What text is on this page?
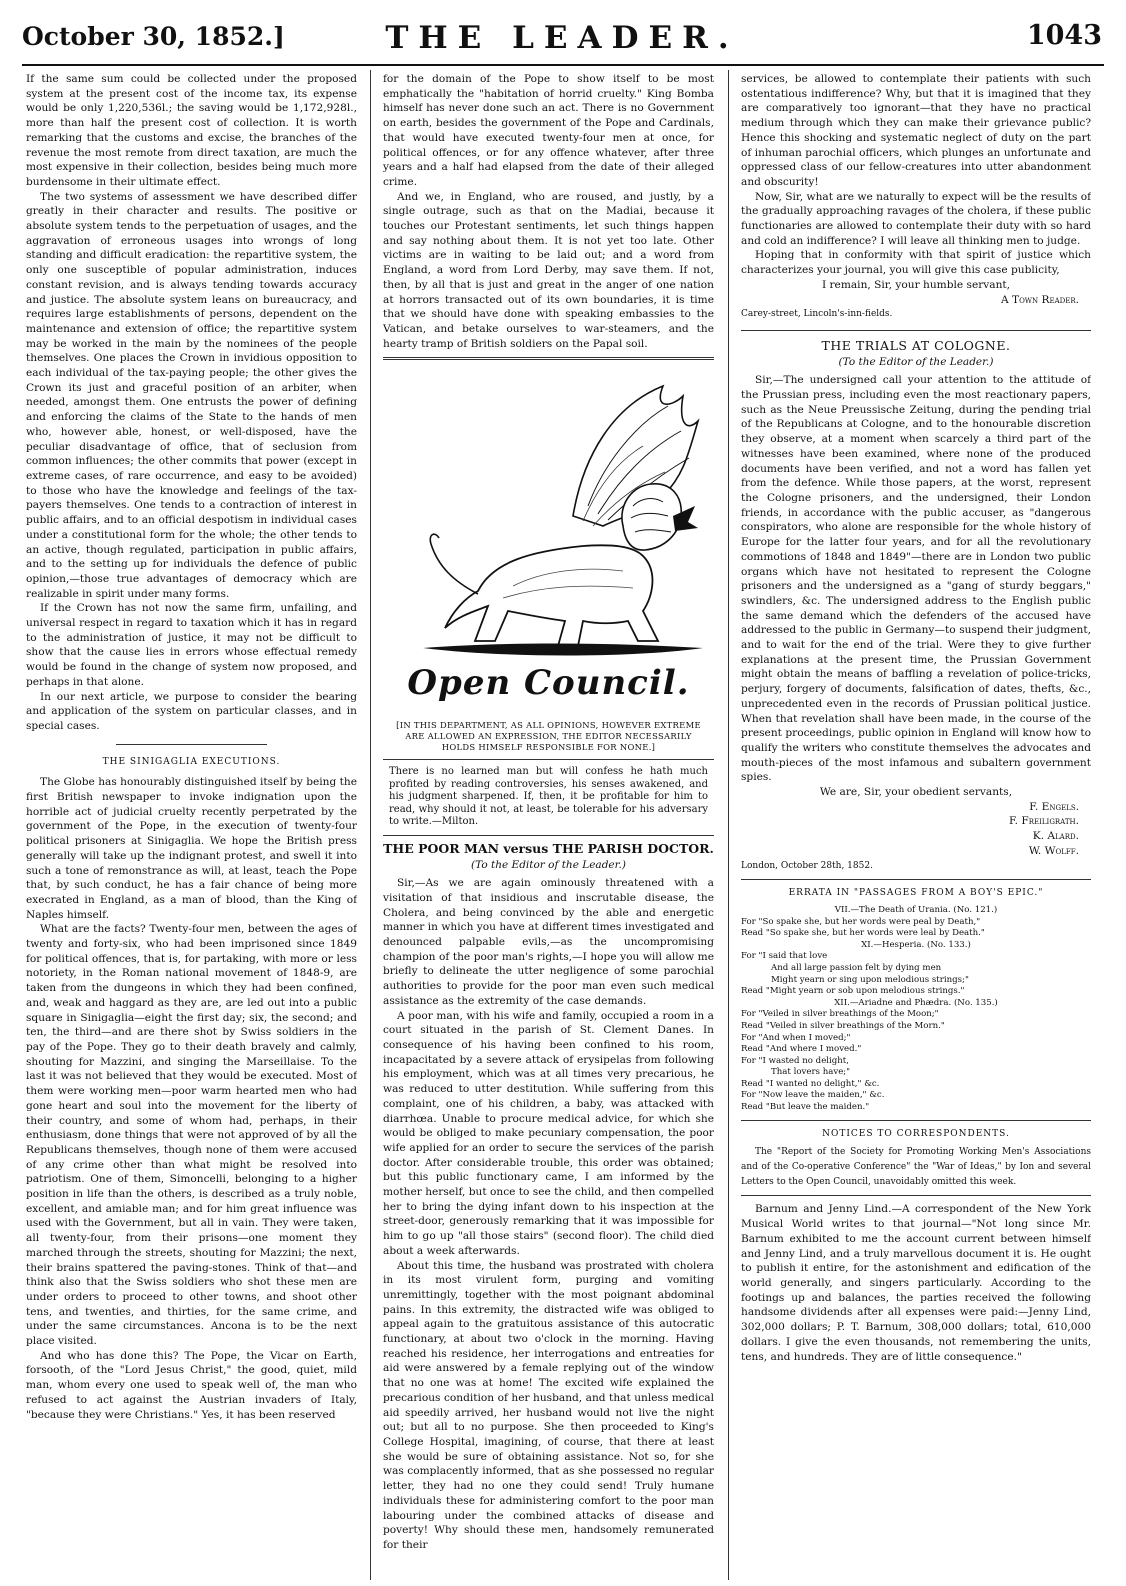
October 30, 1852.]	THE LEADER.	1043

If the same sum could be collected under the proposed system at the present cost of the income tax, its expense would be only 1,220,536l.; the saving would be 1,172,928l., more than half the present cost of collection. It is worth remarking that the customs and excise, the branches of the revenue the most remote from direct taxation, are much the most expensive in their collection, besides being much more burdensome in their ultimate effect.

The two systems of assessment we have described differ greatly in their character and results. The positive or absolute system tends to the perpetuation of usages, and the aggravation of erroneous usages into wrongs of long standing and difficult eradication: the repartitive system, the only one susceptible of popular administration, induces constant revision, and is always tending towards accuracy and justice. The absolute system leans on bureaucracy, and requires large establishments of persons, dependent on the maintenance and extension of office; the repartitive system may be worked in the main by the nominees of the people themselves. One places the Crown in invidious opposition to each individual of the tax-paying people; the other gives the Crown its just and graceful position of an arbiter, when needed, amongst them. One entrusts the power of defining and enforcing the claims of the State to the hands of men who, however able, honest, or well-disposed, have the peculiar disadvantage of office, that of seclusion from common influences; the other commits that power (except in extreme cases, of rare occurrence, and easy to be avoided) to those who have the knowledge and feelings of the tax-payers themselves. One tends to a contraction of interest in public affairs, and to an official despotism in individual cases under a constitutional form for the whole; the other tends to an active, though regulated, participation in public affairs, and to the setting up for individuals the defence of public opinion,—those true advantages of democracy which are realizable in spirit under many forms.

If the Crown has not now the same firm, unfailing, and universal respect in regard to taxation which it has in regard to the administration of justice, it may not be difficult to show that the cause lies in errors whose effectual remedy would be found in the change of system now proposed, and perhaps in that alone.

In our next article, we purpose to consider the bearing and application of the system on particular classes, and in special cases.

THE SINIGAGLIA EXECUTIONS.

The Globe has honourably distinguished itself by being the first British newspaper to invoke indignation upon the horrible act of judicial cruelty recently perpetrated by the government of the Pope, in the execution of twenty-four political prisoners at Sinigaglia. We hope the British press generally will take up the indignant protest, and swell it into such a tone of remonstrance as will, at least, teach the Pope that, by such conduct, he has a fair chance of being more execrated in England, as a man of blood, than the King of Naples himself.

What are the facts? Twenty-four men, between the ages of twenty and forty-six, who had been imprisoned since 1849 for political offences, that is, for partaking, with more or less notoriety, in the Roman national movement of 1848-9, are taken from the dungeons in which they had been confined, and, weak and haggard as they are, are led out into a public square in Sinigaglia—eight the first day; six, the second; and ten, the third—and are there shot by Swiss soldiers in the pay of the Pope. They go to their death bravely and calmly, shouting for Mazzini, and singing the Marseillaise. To the last it was not believed that they would be executed. Most of them were working men—poor warm hearted men who had gone heart and soul into the movement for the liberty of their country, and some of whom had, perhaps, in their enthusiasm, done things that were not approved of by all the Republicans themselves, though none of them were accused of any crime other than what might be resolved into patriotism. One of them, Simoncelli, belonging to a higher position in life than the others, is described as a truly noble, excellent, and amiable man; and for him great influence was used with the Government, but all in vain. They were taken, all twenty-four, from their prisons—one moment they marched through the streets, shouting for Mazzini; the next, their brains spattered the paving-stones. Think of that—and think also that the Swiss soldiers who shot these men are under orders to proceed to other towns, and shoot other tens, and twenties, and thirties, for the same crime, and under the same circumstances. Ancona is to be the next place visited.

And who has done this? The Pope, the Vicar on Earth, forsooth, of the "Lord Jesus Christ," the good, quiet, mild man, whom every one used to speak well of, the man who refused to act against the Austrian invaders of Italy, "because they were Christians." Yes, it has been reserved

for the domain of the Pope to show itself to be most emphatically the "habitation of horrid cruelty." King Bomba himself has never done such an act. There is no Government on earth, besides the government of the Pope and Cardinals, that would have executed twenty-four men at once, for political offences, or for any offence whatever, after three years and a half had elapsed from the date of their alleged crime.

And we, in England, who are roused, and justly, by a single outrage, such as that on the Madiai, because it touches our Protestant sentiments, let such things happen and say nothing about them. It is not yet too late. Other victims are in waiting to be laid out; and a word from England, a word from Lord Derby, may save them. If not, then, by all that is just and great in the anger of one nation at horrors transacted out of its own boundaries, it is time that we should have done with speaking embassies to the Vatican, and betake ourselves to war-steamers, and the hearty tramp of British soldiers on the Papal soil.

Open Council.
[IN THIS DEPARTMENT, AS ALL OPINIONS, HOWEVER EXTREME ARE ALLOWED AN EXPRESSION, THE EDITOR NECESSARILY HOLDS HIMSELF RESPONSIBLE FOR NONE.]

There is no learned man but will confess he hath much profited by reading controversies, his senses awakened, and his judgment sharpened. If, then, it be profitable for him to read, why should it not, at least, be tolerable for his adversary to write.—Milton.

THE POOR MAN versus THE PARISH DOCTOR.
(To the Editor of the Leader.)

Sir,—As we are again ominously threatened with a visitation of that insidious and inscrutable disease, the Cholera, and being convinced by the able and energetic manner in which you have at different times investigated and denounced palpable evils,—as the uncompromising champion of the poor man's rights,—I hope you will allow me briefly to delineate the utter negligence of some parochial authorities to provide for the poor man even such medical assistance as the extremity of the case demands.

A poor man, with his wife and family, occupied a room in a court situated in the parish of St. Clement Danes. In consequence of his having been confined to his room, incapacitated by a severe attack of erysipelas from following his employment, which was at all times very precarious, he was reduced to utter destitution. While suffering from this complaint, one of his children, a baby, was attacked with diarrhœa. Unable to procure medical advice, for which she would be obliged to make pecuniary compensation, the poor wife applied for an order to secure the services of the parish doctor. After considerable trouble, this order was obtained; but this public functionary came, I am informed by the mother herself, but once to see the child, and then compelled her to bring the dying infant down to his inspection at the street-door, generously remarking that it was impossible for him to go up "all those stairs" (second floor). The child died about a week afterwards.

About this time, the husband was prostrated with cholera in its most virulent form, purging and vomiting unremittingly, together with the most poignant abdominal pains. In this extremity, the distracted wife was obliged to appeal again to the gratuitous assistance of this autocratic functionary, at about two o'clock in the morning. Having reached his residence, her interrogations and entreaties for aid were answered by a female replying out of the window that no one was at home! The excited wife explained the precarious condition of her husband, and that unless medical aid speedily arrived, her husband would not live the night out; but all to no purpose. She then proceeded to King's College Hospital, imagining, of course, that there at least she would be sure of obtaining assistance. Not so, for she was complacently informed, that as she possessed no regular letter, they had no one they could send! Truly humane individuals these for administering comfort to the poor man labouring under the combined attacks of disease and poverty! Why should these men, handsomely remunerated for their

services, be allowed to contemplate their patients with such ostentatious indifference? Why, but that it is imagined that they are comparatively too ignorant—that they have no practical medium through which they can make their grievance public? Hence this shocking and systematic neglect of duty on the part of inhuman parochial officers, which plunges an unfortunate and oppressed class of our fellow-creatures into utter abandonment and obscurity!

Now, Sir, what are we naturally to expect will be the results of the gradually approaching ravages of the cholera, if these public functionaries are allowed to contemplate their duty with so hard and cold an indifference? I will leave all thinking men to judge.

Hoping that in conformity with that spirit of justice which characterizes your journal, you will give this case publicity,

I remain, Sir, your humble servant,

A Town Reader.

Carey-street, Lincoln's-inn-fields.

THE TRIALS AT COLOGNE.
(To the Editor of the Leader.)

Sir,—The undersigned call your attention to the attitude of the Prussian press, including even the most reactionary papers, such as the Neue Preussische Zeitung, during the pending trial of the Republicans at Cologne, and to the honourable discretion they observe, at a moment when scarcely a third part of the witnesses have been examined, where none of the produced documents have been verified, and not a word has fallen yet from the defence. While those papers, at the worst, represent the Cologne prisoners, and the undersigned, their London friends, in accordance with the public accuser, as "dangerous conspirators, who alone are responsible for the whole history of Europe for the latter four years, and for all the revolutionary commotions of 1848 and 1849"—there are in London two public organs which have not hesitated to represent the Cologne prisoners and the undersigned as a "gang of sturdy beggars," swindlers, &c. The undersigned address to the English public the same demand which the defenders of the accused have addressed to the public in Germany—to suspend their judgment, and to wait for the end of the trial. Were they to give further explanations at the present time, the Prussian Government might obtain the means of baffling a revelation of police-tricks, perjury, forgery of documents, falsification of dates, thefts, &c., unprecedented even in the records of Prussian political justice. When that revelation shall have been made, in the course of the present proceedings, public opinion in England will know how to qualify the writers who constitute themselves the advocates and mouth-pieces of the most infamous and subaltern government spies.

We are, Sir, your obedient servants,

F. Engels.

F. Freiligrath.

K. Alard.

W. Wolff.

London, October 28th, 1852.

ERRATA IN "PASSAGES FROM A BOY'S EPIC."

VII.—The Death of Urania. (No. 121.)

For "So spake she, but her words were peal by Death,"

Read "So spake she, but her words were leal by Death."

XI.—Hesperia. (No. 133.)

For "I said that love

And all large passion felt by dying men

Might yearn or sing upon melodious strings;"

Read "Might yearn or sob upon melodious strings."

XII.—Ariadne and Phædra. (No. 135.)

For "Veiled in silver breathings of the Moon;"

Read "Veiled in silver breathings of the Morn."

For "And when I moved;"

Read "And where I moved."

For "I wasted no delight,

That lovers have;"

Read "I wanted no delight," &c.

For "Now leave the maiden," &c.

Read "But leave the maiden."

NOTICES TO CORRESPONDENTS.

The "Report of the Society for Promoting Working Men's Associations and of the Co-operative Conference" the "War of Ideas," by Ion and several Letters to the Open Council, unavoidably omitted this week.

Barnum and Jenny Lind.—A correspondent of the New York Musical World writes to that journal—"Not long since Mr. Barnum exhibited to me the account current between himself and Jenny Lind, and a truly marvellous document it is. He ought to publish it entire, for the astonishment and edification of the world generally, and singers particularly. According to the footings up and balances, the parties received the following handsome dividends after all expenses were paid:—Jenny Lind, 302,000 dollars; P. T. Barnum, 308,000 dollars; total, 610,000 dollars. I give the even thousands, not remembering the units, tens, and hundreds. They are of little consequence."
